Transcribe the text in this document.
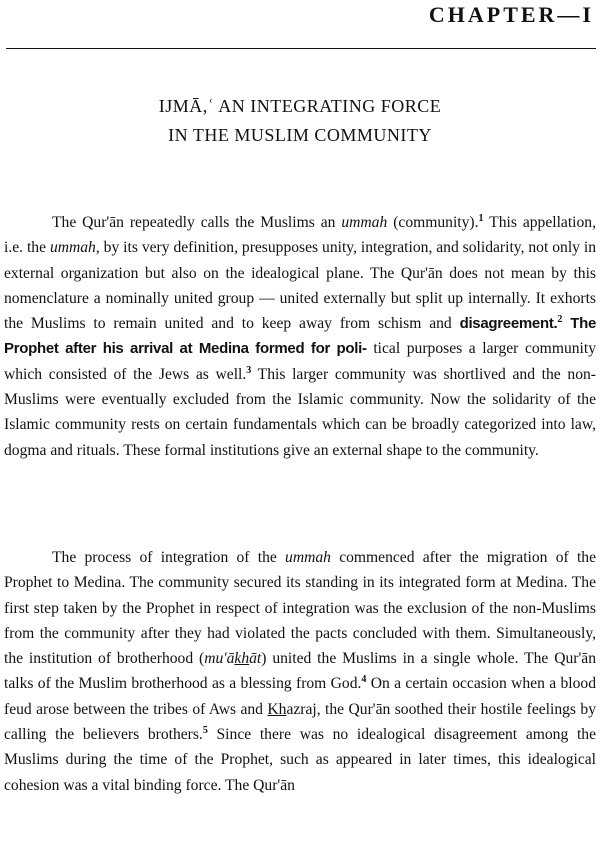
CHAPTER—I
IJMĀ,ʿ AN INTEGRATING FORCE
IN THE MUSLIM COMMUNITY
The Qur'ān repeatedly calls the Muslims an ummah (community).$^1$ This appellation, i.e. the ummah, by its very definition, presupposes unity, integration, and solidarity, not only in external organization but also on the idealogical plane. The Qur'ān does not mean by this nomenclature a nominally united group — united externally but split up internally. It exhorts the Muslims to remain united and to keep away from schism and disagreement.$^2$ The Prophet after his arrival at Medina formed for poli- tical purposes a larger community which consisted of the Jews as well.$^3$ This larger community was shortlived and the non-Muslims were eventually excluded from the Islamic community. Now the solidarity of the Islamic community rests on certain fundamentals which can be broadly categorized into law, dogma and rituals. These formal institutions give an external shape to the community.
The process of integration of the ummah commenced after the migration of the Prophet to Medina. The community secured its standing in its integrated form at Medina. The first step taken by the Prophet in respect of integration was the exclusion of the non-Muslims from the community after they had violated the pacts concluded with them. Simultaneously, the institution of brotherhood (mu'ākhāt) united the Muslims in a single whole. The Qur'ān talks of the Muslim brotherhood as a blessing from God.$^4$ On a certain occasion when a blood feud arose between the tribes of Aws and Khazraj, the Qur'ān soothed their hostile feelings by calling the believers brothers.$^5$ Since there was no idealogical disagreement among the Muslims during the time of the Prophet, such as appeared in later times, this idealogical cohesion was a vital binding force. The Qur'ān
